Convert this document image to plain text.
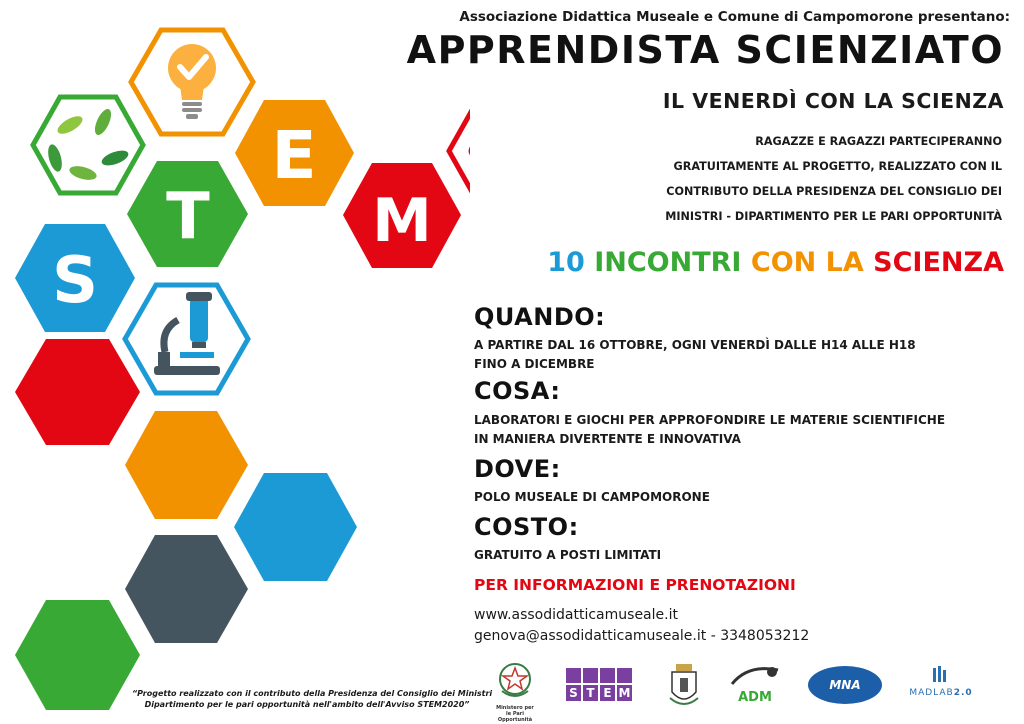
E
T	M
S

Associazione Didattica Museale e Comune di Campomorone presentano:

APPRENDISTA SCIENZIATO
IL VENERDÌ CON LA SCIENZA
RAGAZZE E RAGAZZI PARTECIPERANNO
GRATUITAMENTE AL PROGETTO, REALIZZATO CON IL
CONTRIBUTO DELLA PRESIDENZA DEL CONSIGLIO DEI
MINISTRI - DIPARTIMENTO PER LE PARI OPPORTUNITÀ
10 INCONTRI CON LA SCIENZA
QUANDO:
A PARTIRE DAL 16 OTTOBRE, OGNI VENERDÌ DALLE H14 ALLE H18
FINO A DICEMBRE
COSA:
LABORATORI E GIOCHI PER APPROFONDIRE LE MATERIE SCIENTIFICHE
IN MANIERA DIVERTENTE E INNOVATIVA
DOVE:
POLO MUSEALE DI CAMPOMORONE
COSTO:
GRATUITO A POSTI LIMITATI
PER INFORMAZIONI E PRENOTAZIONI
www.assodidatticamuseale.it
genova@assodidatticamuseale.it - 3348053212
“Progetto realizzato con il contributo della Presidenza del Consiglio dei Ministri
Dipartimento per le pari opportunità nell'ambito dell'Avviso STEM2020”	Ministero per le Pari Opportunità
S T E M	ADM
MNA
MADLAB2.0
